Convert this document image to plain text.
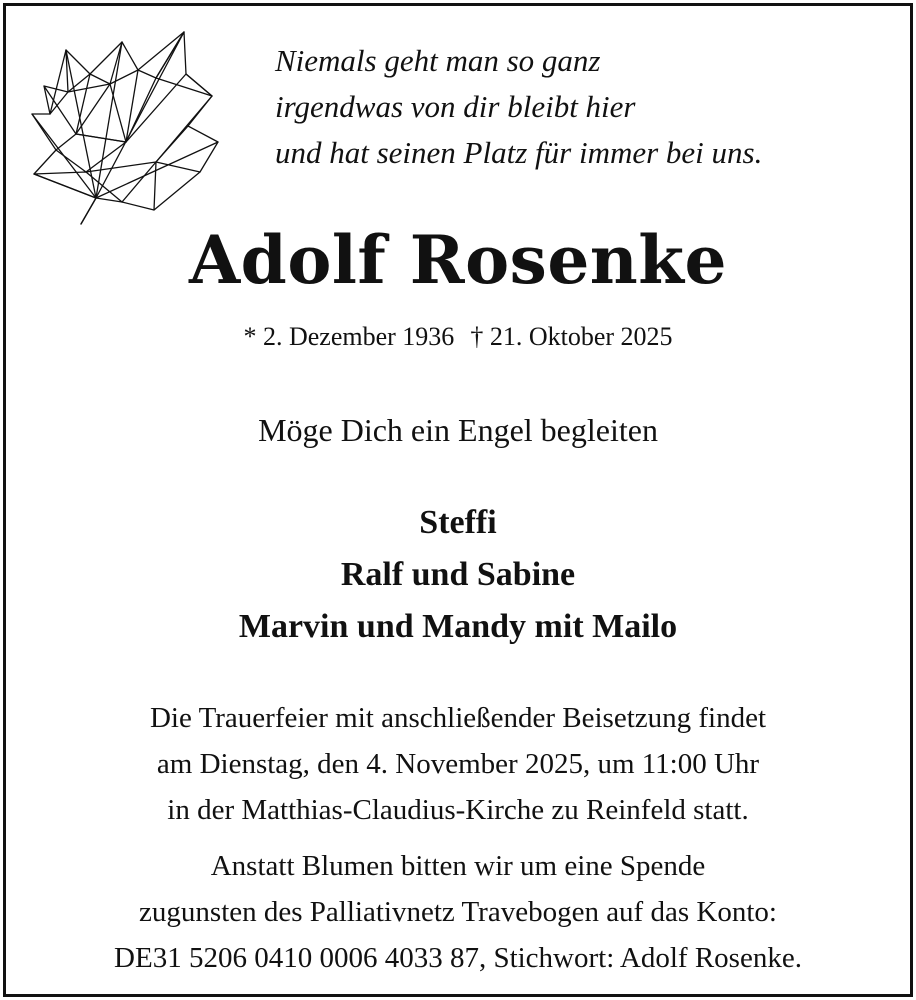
Niemals geht man so ganz
irgendwas von dir bleibt hier
und hat seinen Platz für immer bei uns.
Adolf Rosenke
* 2. Dezember 1936 † 21. Oktober 2025
Möge Dich ein Engel begleiten
Steffi
Ralf und Sabine
Marvin und Mandy mit Mailo
Die Trauerfeier mit anschließender Beisetzung findet
am Dienstag, den 4. November 2025, um 11:00 Uhr
in der Matthias-Claudius-Kirche zu Reinfeld statt.
Anstatt Blumen bitten wir um eine Spende
zugunsten des Palliativnetz Travebogen auf das Konto:
DE31 5206 0410 0006 4033 87, Stichwort: Adolf Rosenke.
